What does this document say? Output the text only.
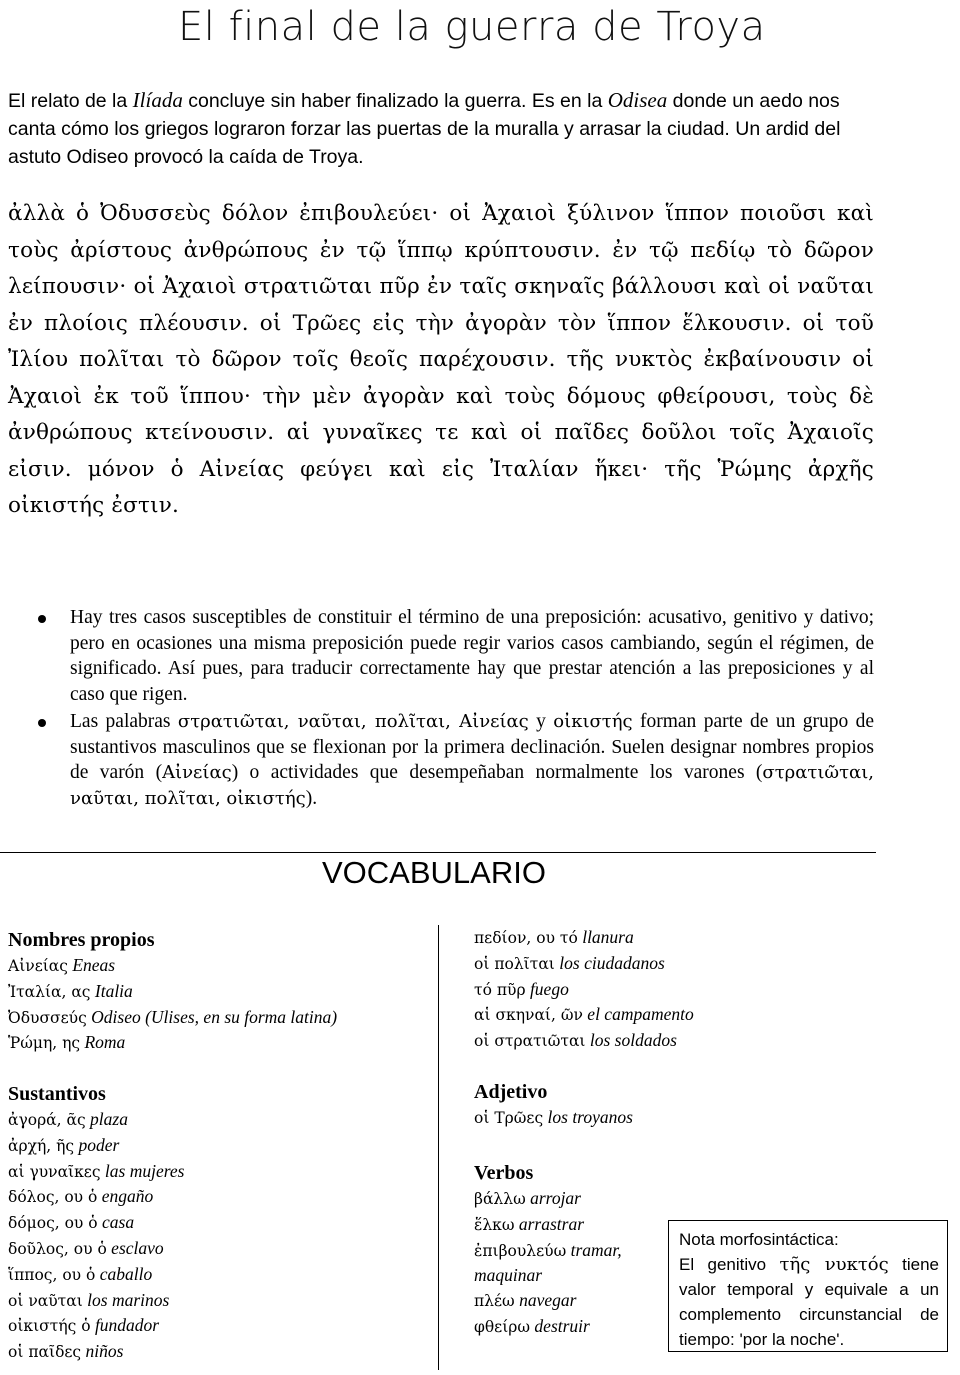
El final de la guerra de Troya
El relato de la Ilíada concluye sin haber finalizado la guerra. Es en la Odisea donde un aedo nos canta cómo los griegos lograron forzar las puertas de la muralla y arrasar la ciudad. Un ardid del astuto Odiseo provocó la caída de Troya.
ἀλλὰ ὁ Ὀδυσσεὺς δόλον ἐπιβουλεύει· οἱ Ἀχαιοὶ ξύλινον ἵππον ποιοῦσι καὶ τοὺς ἀρίστους ἀνθρώπους ἐν τῷ ἵππῳ κρύπτουσιν. ἐν τῷ πεδίῳ τὸ δῶρον λείπουσιν· οἱ Ἀχαιοὶ στρατιῶται πῦρ ἐν ταῖς σκηναῖς βάλλουσι καὶ οἱ ναῦται ἐν πλοίοις πλέουσιν. οἱ Τρῶες εἰς τὴν ἀγορὰν τὸν ἵππον ἕλκουσιν. οἱ τοῦ Ἰλίου πολῖται τὸ δῶρον τοῖς θεοῖς παρέχουσιν. τῆς νυκτὸς ἐκβαίνουσιν οἱ Ἀχαιοὶ ἐκ τοῦ ἵππου· τὴν μὲν ἀγορὰν καὶ τοὺς δόμους φθείρουσι, τοὺς δὲ ἀνθρώπους κτείνουσιν. αἱ γυναῖκες τε καὶ οἱ παῖδες δοῦλοι τοῖς Ἀχαιοῖς εἰσιν. μόνον ὁ Αἰνείας φεύγει καὶ εἰς Ἰταλίαν ἥκει· τῆς Ῥώμης ἀρχῆς οἰκιστής ἐστιν.
Hay tres casos susceptibles de constituir el término de una preposición: acusativo, genitivo y dativo; pero en ocasiones una misma preposición puede regir varios casos cambiando, según el régimen, de significado. Así pues, para traducir correctamente hay que prestar atención a las preposiciones y al caso que rigen.
Las palabras στρατιῶται, ναῦται, πολῖται, Αἰνείας y οἰκιστής forman parte de un grupo de sustantivos masculinos que se flexionan por la primera declinación. Suelen designar nombres propios de varón (Αἰνείας) o actividades que desempeñaban normalmente los varones (στρατιῶται, ναῦται, πολῖται, οἰκιστής).
VOCABULARIO
Nombres propios
Αἰνείας Eneas
Ἰταλία, ας Italia
Ὀδυσσεύς Odiseo (Ulises, en su forma latina)
Ῥώμη, ης Roma
Sustantivos
ἀγορά, ᾶς plaza
ἀρχή, ῆς poder
αἱ γυναῖκες las mujeres
δόλος, ου ὁ engaño
δόμος, ου ὁ casa
δοῦλος, ου ὁ esclavo
ἵππος, ου ὁ caballo
οἱ ναῦται los marinos
οἰκιστής ὁ fundador
οἱ παῖδες niños
πεδίον, ου τό llanura
οἱ πολῖται los ciudadanos
τό πῦρ fuego
αἱ σκηναί, ῶν el campamento
οἱ στρατιῶται los soldados
Adjetivo
οἱ Τρῶες los troyanos
Verbos
βάλλω arrojar
ἕλκω arrastrar
ἐπιβουλεύω tramar, maquinar
πλέω navegar
φθείρω destruir
Nota morfosintáctica:
El genitivo τῆς νυκτός tiene valor temporal y equivale a un complemento circunstancial de tiempo: 'por la noche'.
